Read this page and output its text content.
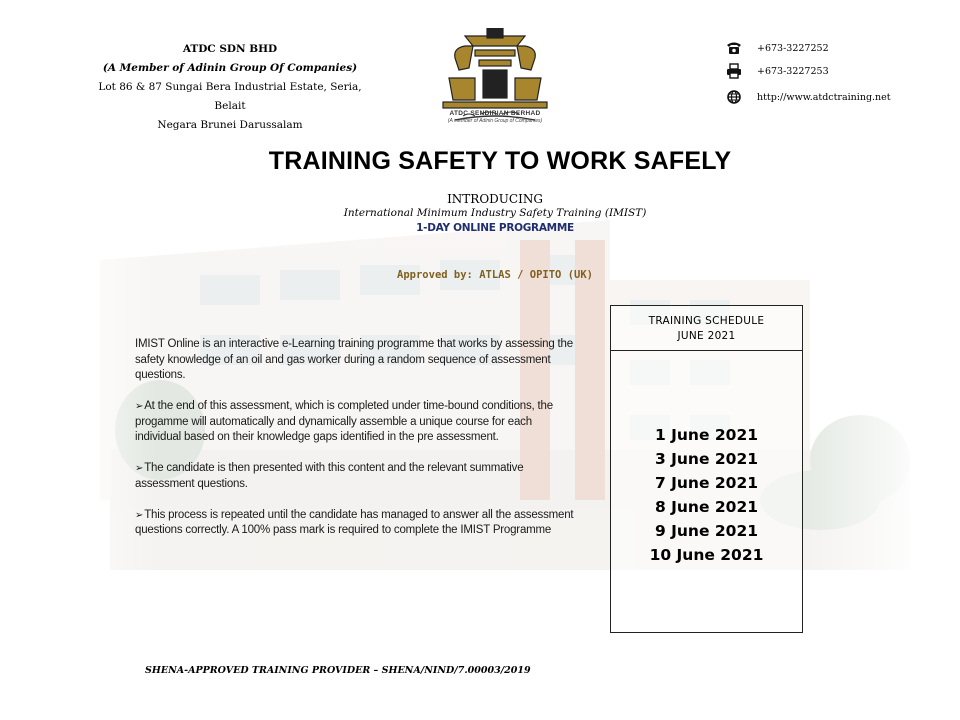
ATDC SDN BHD
(A Member of Adinin Group Of Companies)
Lot 86 & 87 Sungai Bera Industrial Estate, Seria, Belait
Negara Brunei Darussalam
ATDC SENDIRIAN BERHAD
(A member of Adinin Group of Companies)
+673-3227252
+673-3227253
http://www.atdctraining.net
TRAINING SAFETY TO WORK SAFELY
INTRODUCING
International Minimum Industry Safety Training (IMIST)
1-DAY ONLINE PROGRAMME
Approved by: ATLAS / OPITO (UK)

IMIST Online is an interactive e-Learning training programme that works by assessing the safety knowledge of an oil and gas worker during a random sequence of assessment questions.

➢At the end of this assessment, which is completed under time-bound conditions, the progamme will automatically and dynamically assemble a unique course for each individual based on their knowledge gaps identified in the pre assessment.

➢The candidate is then presented with this content and the relevant summative assessment questions.

➢This process is repeated until the candidate has managed to answer all the assessment questions correctly. A 100% pass mark is required to complete the IMIST Programme

TRAINING SCHEDULE
JUNE 2021
1 June 2021
3 June 2021
7 June 2021
8 June 2021
9 June 2021
10 June 2021
SHENA-APPROVED TRAINING PROVIDER – SHENA/NIND/7.00003/2019
